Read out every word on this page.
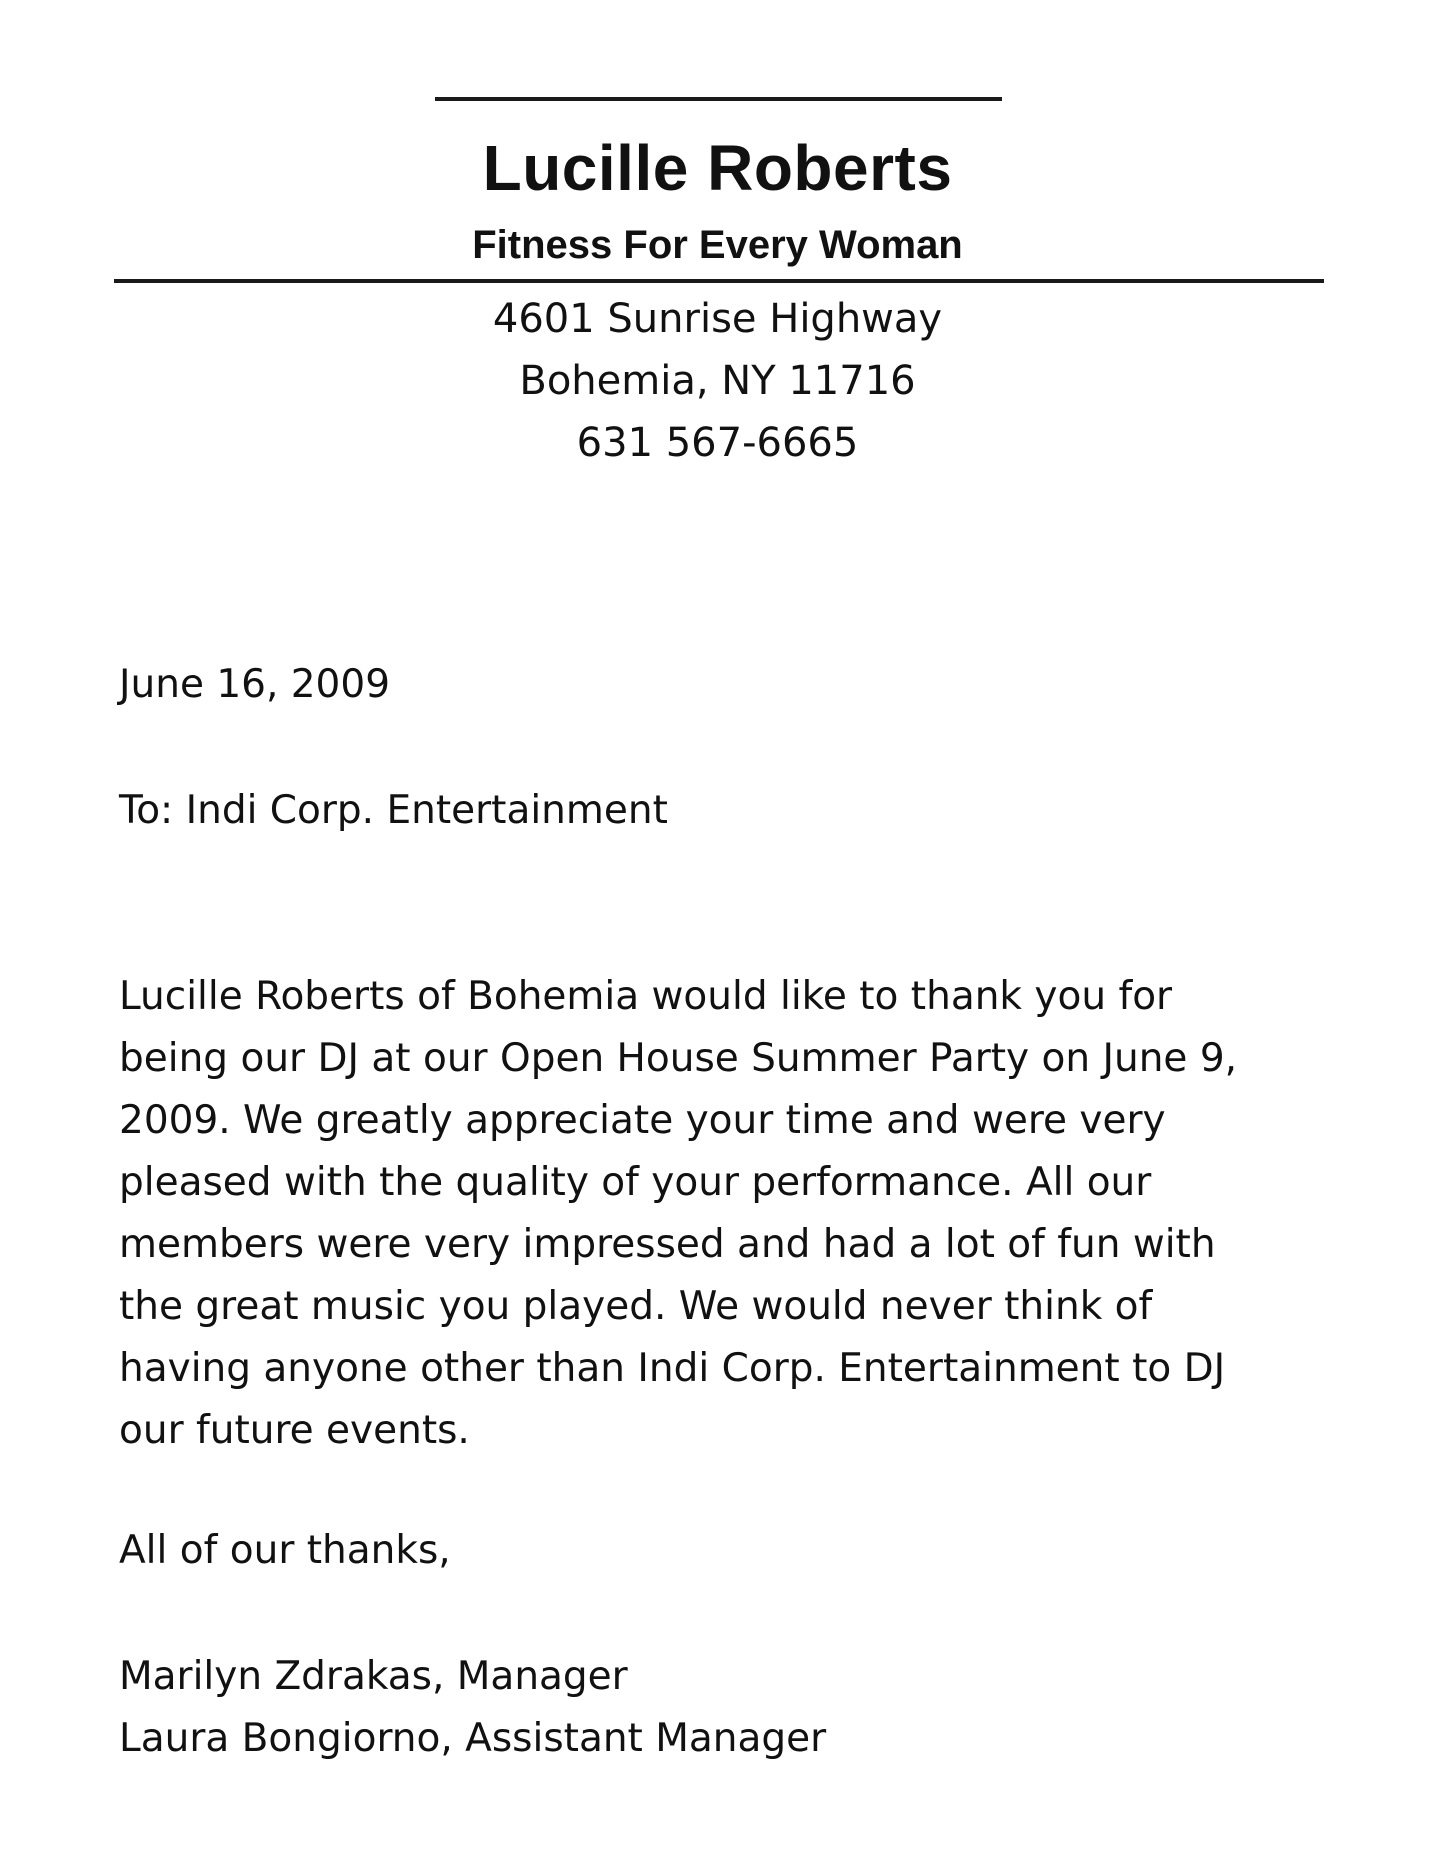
Lucille Roberts
Fitness For Every Woman
4601 Sunrise Highway
Bohemia, NY 11716
631 567-6665
June 16, 2009
To: Indi Corp. Entertainment
Lucille Roberts of Bohemia would like to thank you for
being our DJ at our Open House Summer Party on June 9,
2009. We greatly appreciate your time and were very
pleased with the quality of your performance. All our
members were very impressed and had a lot of fun with
the great music you played. We would never think of
having anyone other than Indi Corp. Entertainment to DJ
our future events.
All of our thanks,
Marilyn Zdrakas, Manager
Laura Bongiorno, Assistant Manager
